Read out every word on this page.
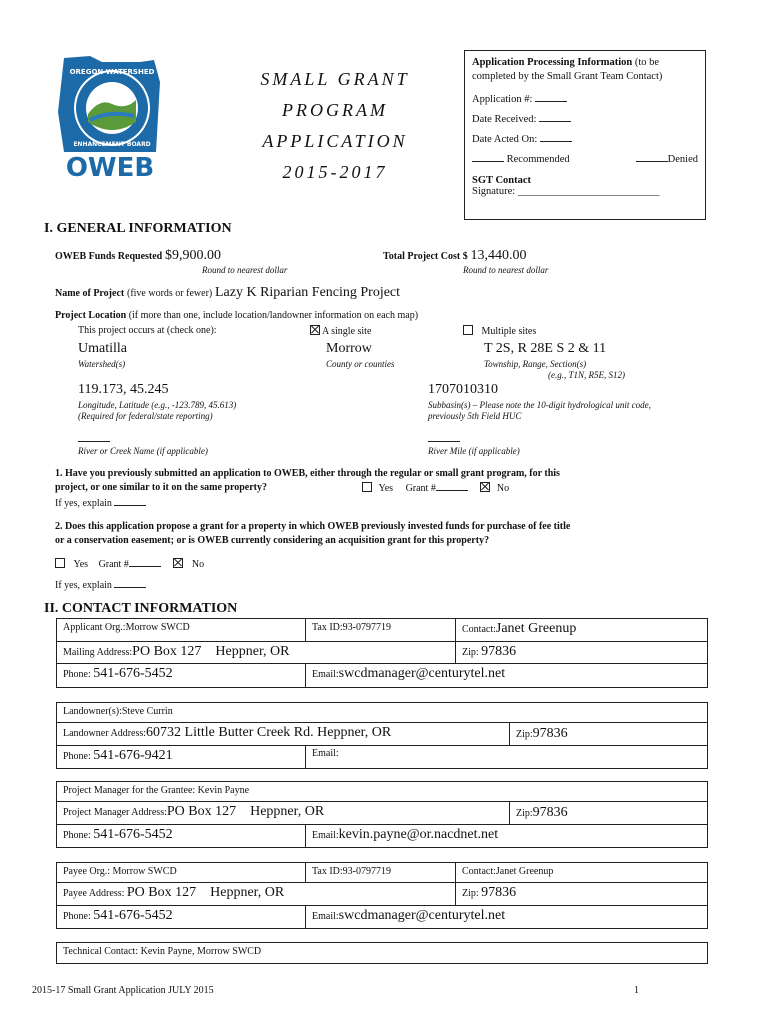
OREGON WATERSHED
ENHANCEMENT BOARD
OWEB
SMALL GRANT
PROGRAM
APPLICATION
2015-2017
Application Processing Information (to be completed by the Small Grant Team Contact)
Application #:
Date Received:
Date Acted On:
Recommended	Denied
SGT Contact
Signature: ___________________________
I. GENERAL INFORMATION
OWEB Funds Requested $9,900.00
Round to nearest dollar
Total Project Cost $ 13,440.00
Round to nearest dollar
Name of Project (five words or fewer) Lazy K Riparian Fencing Project
Project Location (if more than one, include location/landowner information on each map)
This project occurs at (check one):	A single site	Multiple sites
Umatilla
Watershed(s)
Morrow
County or counties
T 2S, R 28E S 2 & 11
Township, Range, Section(s)
(e.g., T1N, R5E, S12)
119.173, 45.245
Longitude, Latitude (e.g., -123.789, 45.613)
(Required for federal/state reporting)
1707010310
Subbasin(s) – Please note the 10-digit hydrological unit code,
previously 5th Field HUC
River or Creek Name (if applicable)	River Mile (if applicable)
1. Have you previously submitted an application to OWEB, either through the regular or small grant program, for this
project, or one similar to it on the same property?	Yes Grant #	No
If yes, explain
2. Does this application propose a grant for a property in which OWEB previously invested funds for purchase of fee title
or a conservation easement; or is OWEB currently considering an acquisition grant for this property?
Yes Grant #	No
If yes, explain
II. CONTACT INFORMATION
Applicant Org.:Morrow SWCD	Tax ID:93-0797719	Contact:Janet Greenup
Mailing Address:PO Box 127    Heppner, OR	Zip: 97836
Phone: 541-676-5452	Email:swcdmanager@centurytel.net
Landowner(s):Steve Currin
Landowner Address:60732 Little Butter Creek Rd. Heppner, OR	Zip:97836
Phone: 541-676-9421	Email:
Project Manager for the Grantee: Kevin Payne
Project Manager Address:PO Box 127    Heppner, OR	Zip:97836
Phone: 541-676-5452	Email:kevin.payne@or.nacdnet.net
Payee Org.: Morrow SWCD	Tax ID:93-0797719	Contact:Janet Greenup
Payee Address: PO Box 127    Heppner, OR	Zip: 97836
Phone: 541-676-5452	Email:swcdmanager@centurytel.net
Technical Contact: Kevin Payne, Morrow SWCD
2015-17 Small Grant Application JULY 2015	1
